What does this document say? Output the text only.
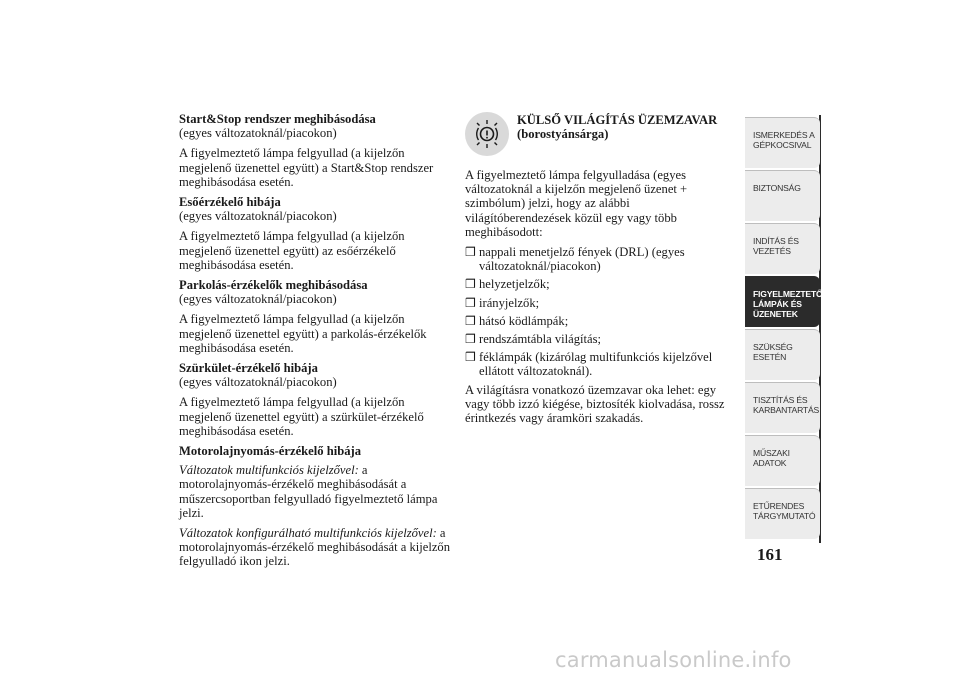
Start&Stop rendszer meghibásodása
(egyes változatoknál/piacokon)

A figyelmeztető lámpa felgyullad (a kijelzőn megjelenő üzenettel együtt) a Start&Stop rendszer meghibásodása esetén.

Esőérzékelő hibája
(egyes változatoknál/piacokon)

A figyelmeztető lámpa felgyullad (a kijelzőn megjelenő üzenettel együtt) az esőérzékelő meghibásodása esetén.

Parkolás-érzékelők meghibásodása
(egyes változatoknál/piacokon)

A figyelmeztető lámpa felgyullad (a kijelzőn megjelenő üzenettel együtt) a parkolás-érzékelők meghibásodása esetén.

Szürkület-érzékelő hibája
(egyes változatoknál/piacokon)

A figyelmeztető lámpa felgyullad (a kijelzőn megjelenő üzenettel együtt) a szürkület-érzékelő meghibásodása esetén.

Motorolajnyomás-érzékelő hibája

Változatok multifunkciós kijelzővel: a motorolajnyomás-érzékelő meghibásodását a műszercsoportban felgyulladó figyelmeztető lámpa jelzi.

Változatok konfigurálható multifunkciós kijelzővel: a motorolajnyomás-érzékelő meghibásodását a kijelzőn felgyulladó ikon jelzi.

KÜLSŐ VILÁGÍTÁS ÜZEMZAVAR
(borostyánsárga)

A figyelmeztető lámpa felgyulladása (egyes változatoknál a kijelzőn megjelenő üzenet + szimbólum) jelzi, hogy az alábbi világítóberendezések közül egy vagy több meghibásodott:

❒ nappali menetjelző fények (DRL) (egyes változatoknál/piacokon)
❒ helyzetjelzők;
❒ irányjelzők;
❒ hátsó ködlámpák;
❒ rendszámtábla világítás;
❒ féklámpák (kizárólag multifunkciós kijelzővel ellátott változatoknál).

A világításra vonatkozó üzemzavar oka lehet: egy vagy több izzó kiégése, biztosíték kiolvadása, rossz érintkezés vagy áramköri szakadás.

ISMERKEDÉS A GÉPKOCSIVAL
BIZTONSÁG
INDÍTÁS ÉS VEZETÉS
FIGYELMEZTETŐ LÁMPÁK ÉS ÜZENETEK
SZÜKSÉG ESETÉN
TISZTÍTÁS ÉS KARBANTARTÁS
MŰSZAKI ADATOK
ETŰRENDES TÁRGYMUTATÓ
161
carmanualsonline.info
